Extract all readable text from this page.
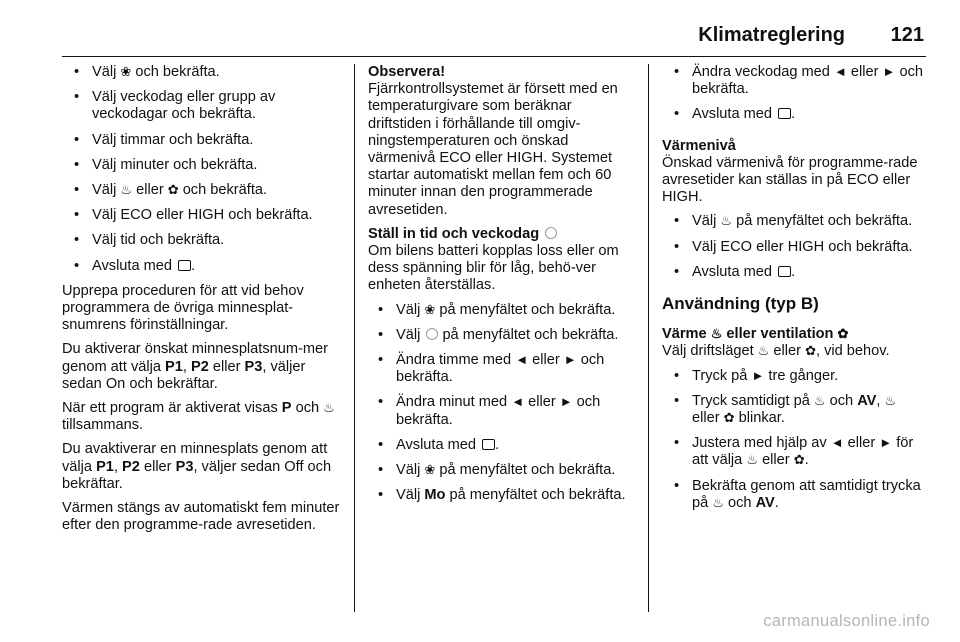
Klimatreglering	121
• Välj ❀ och bekräfta.
• Välj veckodag eller grupp av veckodagar och bekräfta.
• Välj timmar och bekräfta.
• Välj minuter och bekräfta.
• Välj ♨ eller ✿ och bekräfta.
• Välj ECO eller HIGH och bekräfta.
• Välj tid och bekräfta.
• Avsluta med .

Upprepa proceduren för att vid behov programmera de övriga minnesplat-snumrens förinställningar.

Du aktiverar önskat minnesplatsnum-mer genom att välja P1, P2 eller P3, väljer sedan On och bekräftar.

När ett program är aktiverat visas P och ♨ tillsammans.

Du avaktiverar en minnesplats genom att välja P1, P2 eller P3, väljer sedan Off och bekräftar.

Värmen stängs av automatiskt fem minuter efter den programme-rade avresetiden.

Observera!
Fjärrkontrollsystemet är försett med en temperaturgivare som beräknar driftstiden i förhållande till omgiv-ningstemperaturen och önskad värmenivå ECO eller HIGH. Systemet startar automatiskt mellan fem och 60 minuter innan den programmerade avresetiden.
Ställ in tid och veckodag

Om bilens batteri kopplas loss eller om dess spänning blir för låg, behö-ver enheten återställas.

• Välj ❀ på menyfältet och bekräfta.
• Välj  på menyfältet och bekräfta.
• Ändra timme med ◄ eller ► och bekräfta.
• Ändra minut med ◄ eller ► och bekräfta.
• Avsluta med .
• Välj ❀ på menyfältet och bekräfta.
• Välj Mo på menyfältet och bekräfta.
• Ändra veckodag med ◄ eller ► och bekräfta.
• Avsluta med .
Värmenivå

Önskad värmenivå för programme-rade avresetider kan ställas in på ECO eller HIGH.

• Välj ♨ på menyfältet och bekräfta.
• Välj ECO eller HIGH och bekräfta.
• Avsluta med .
Användning (typ B)
Värme ♨ eller ventilation ✿

Välj driftsläget ♨ eller ✿, vid behov.

• Tryck på ► tre gånger.
• Tryck samtidigt på ♨ och AV, ♨ eller ✿ blinkar.
• Justera med hjälp av ◄ eller ► för att välja ♨ eller ✿.
• Bekräfta genom att samtidigt trycka på ♨ och AV.
carmanualsonline.info
